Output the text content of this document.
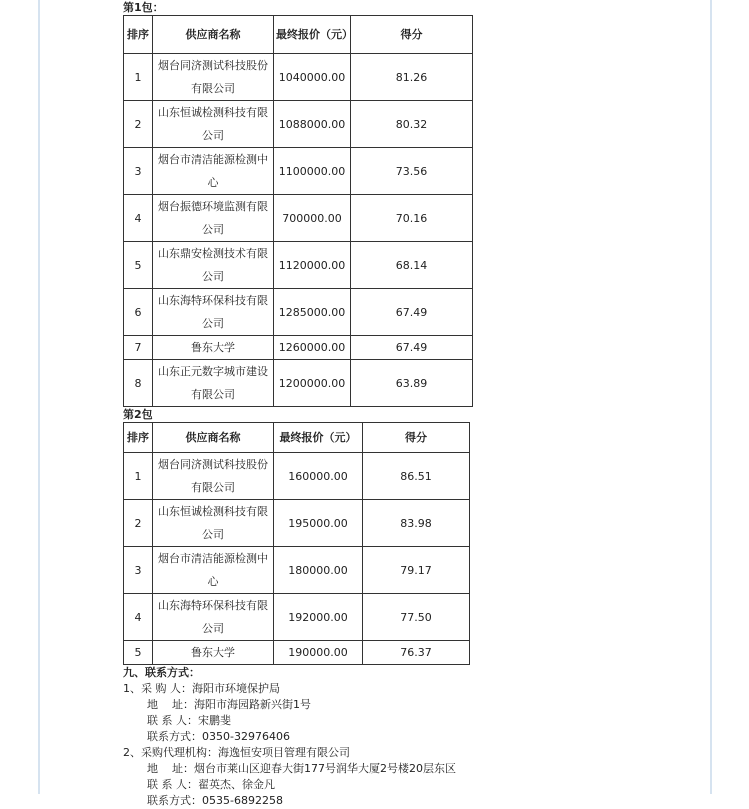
第1包：
排序	供应商名称	最终报价（元）	得分
1	烟台同济测试科技股份有限公司	1040000.00	81.26
2	山东恒诚检测科技有限公司	1088000.00	80.32
3	烟台市清洁能源检测中心	1100000.00	73.56
4	烟台振德环境监测有限公司	700000.00	70.16
5	山东鼎安检测技术有限公司	1120000.00	68.14
6	山东海特环保科技有限公司	1285000.00	67.49
7	鲁东大学	1260000.00	67.49
8	山东正元数字城市建设有限公司	1200000.00	63.89
第2包
排序	供应商名称	最终报价（元）	得分
1	烟台同济测试科技股份有限公司	160000.00	86.51
2	山东恒诚检测科技有限公司	195000.00	83.98
3	烟台市清洁能源检测中心	180000.00	79.17
4	山东海特环保科技有限公司	192000.00	77.50
5	鲁东大学	190000.00	76.37
九、联系方式：
1、采 购 人：海阳市环境保护局
地    址：海阳市海园路新兴街1号
联 系 人：宋鹏斐
联系方式：0350-32976406
2、采购代理机构：海逸恒安项目管理有限公司
地    址：烟台市莱山区迎春大街177号润华大厦2号楼20层东区
联 系 人：翟英杰、徐金凡
联系方式：0535-6892258
